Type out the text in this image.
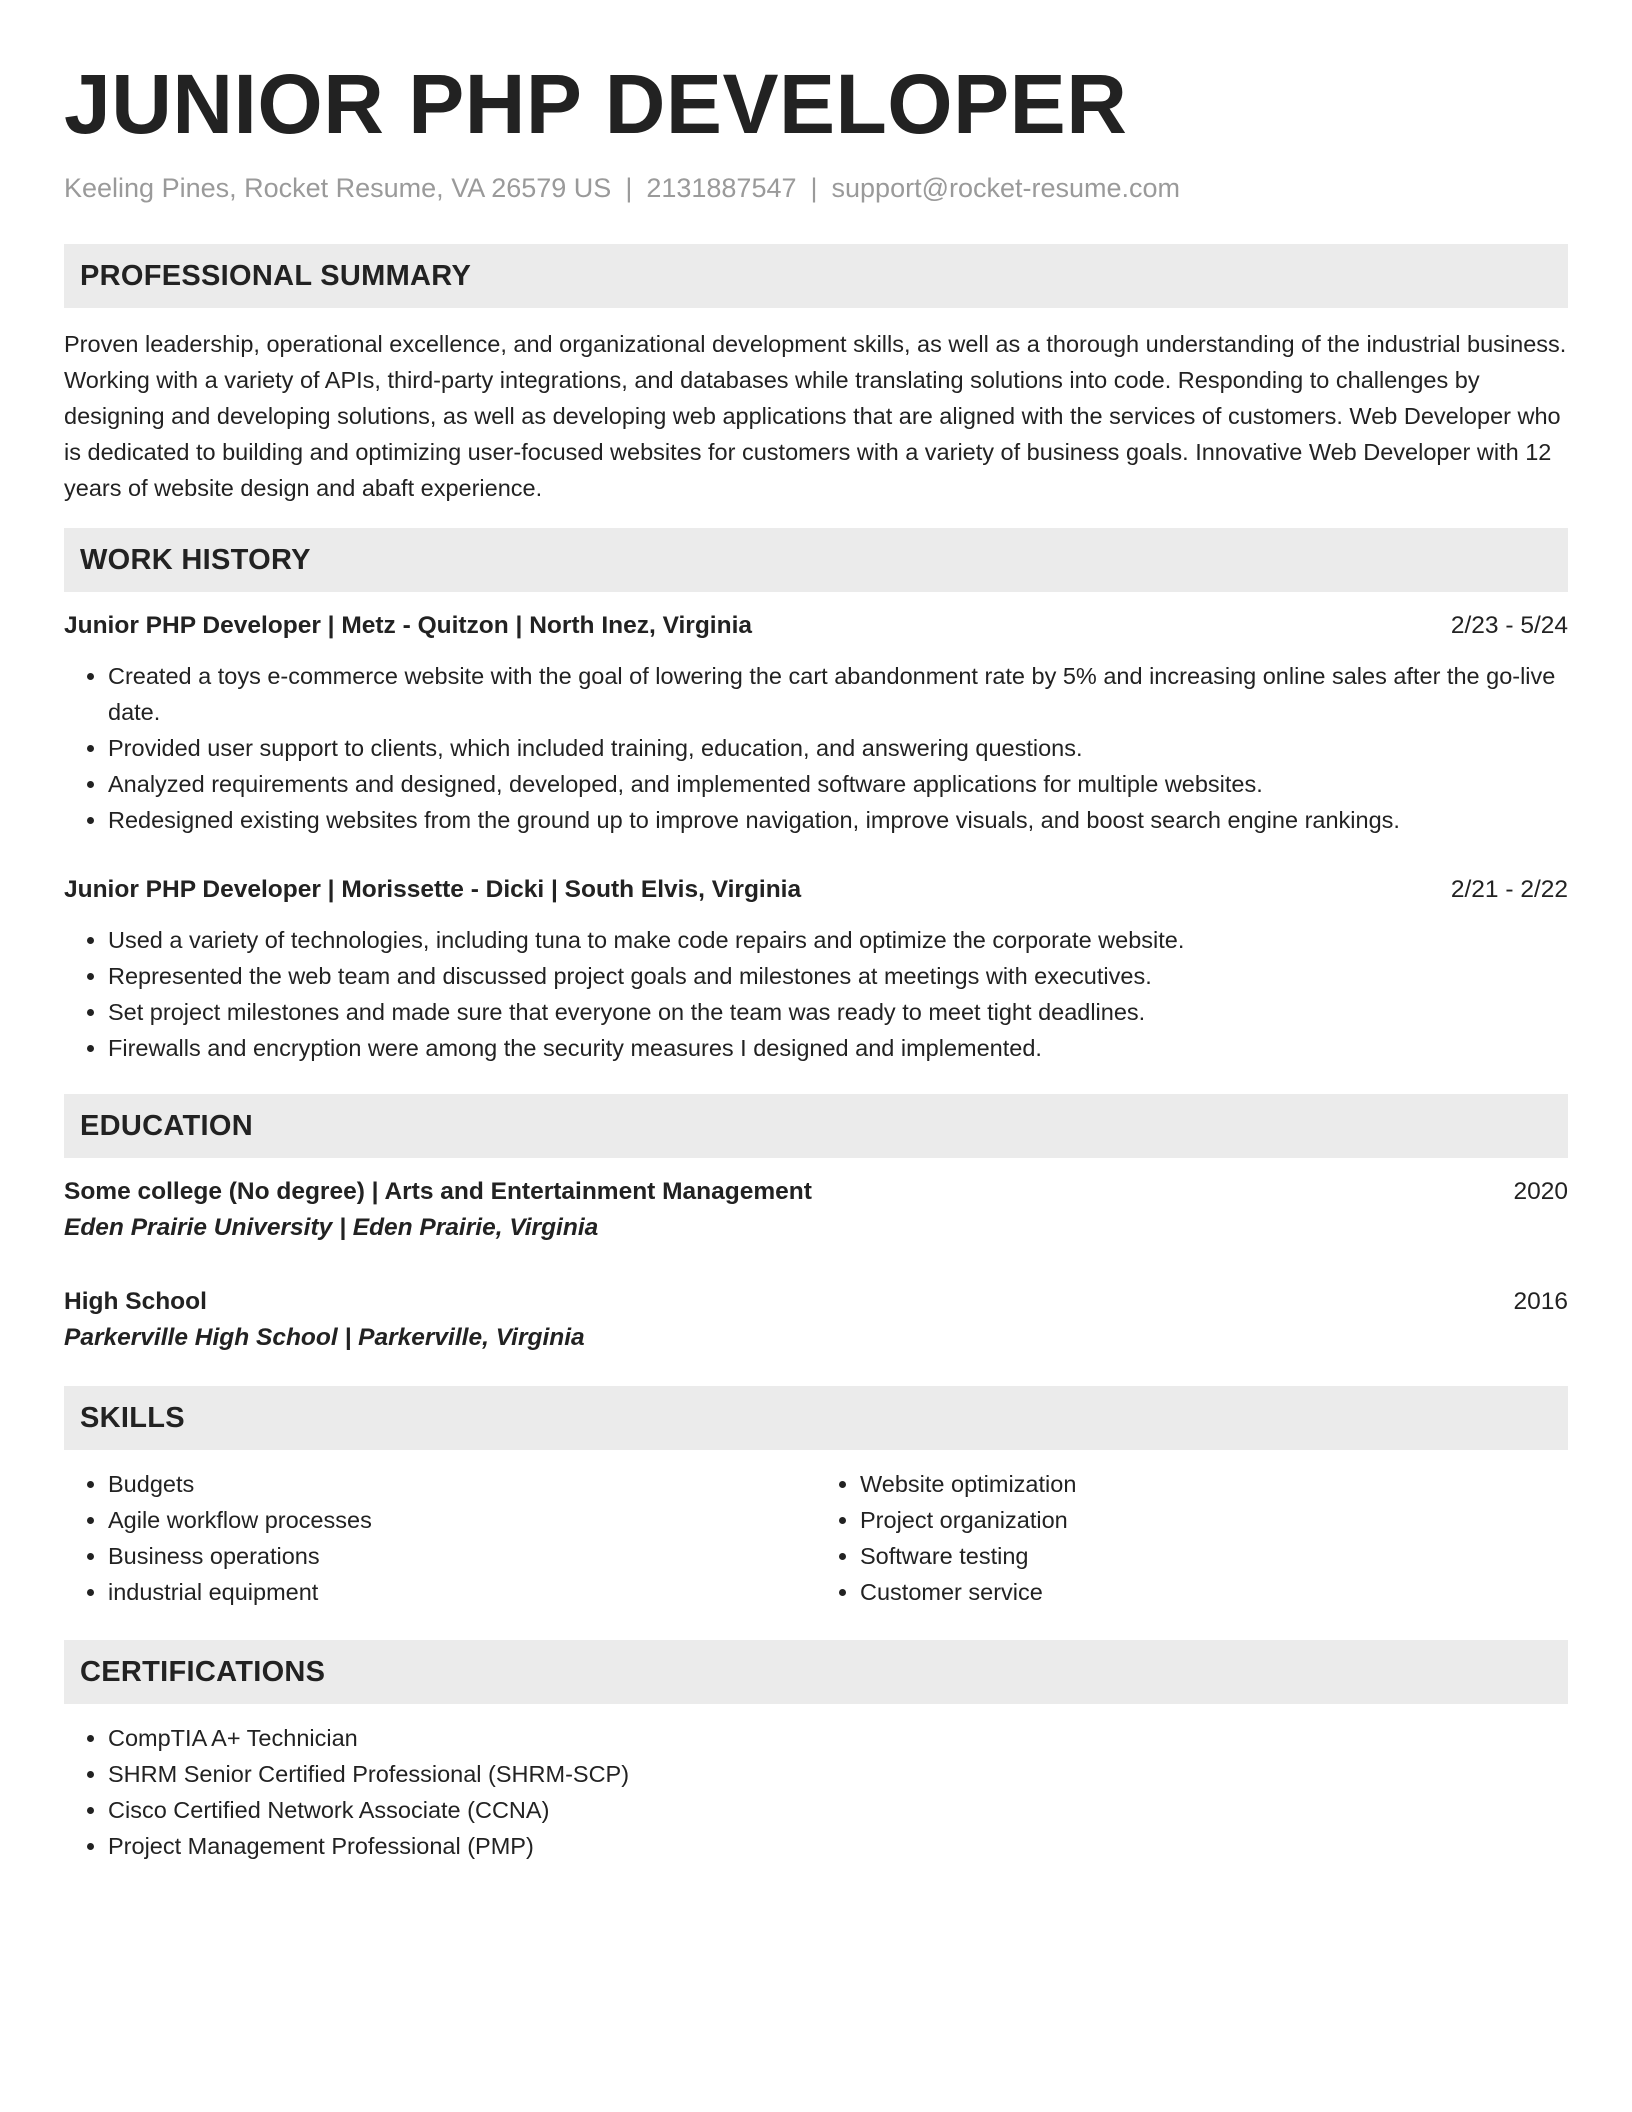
JUNIOR PHP DEVELOPER
Keeling Pines, Rocket Resume, VA 26579 US | 2131887547 | support@rocket-resume.com
PROFESSIONAL SUMMARY

Proven leadership, operational excellence, and organizational development skills, as well as a thorough understanding of the industrial business. Working with a variety of APIs, third-party integrations, and databases while translating solutions into code. Responding to challenges by designing and developing solutions, as well as developing web applications that are aligned with the services of customers. Web Developer who is dedicated to building and optimizing user-focused websites for customers with a variety of business goals. Innovative Web Developer with 12 years of website design and abaft experience.

WORK HISTORY
Junior PHP Developer | Metz - Quitzon | North Inez, Virginia	2/23 - 5/24
• Created a toys e-commerce website with the goal of lowering the cart abandonment rate by 5% and increasing online sales after the go-live date.
• Provided user support to clients, which included training, education, and answering questions.
• Analyzed requirements and designed, developed, and implemented software applications for multiple websites.
• Redesigned existing websites from the ground up to improve navigation, improve visuals, and boost search engine rankings.
Junior PHP Developer | Morissette - Dicki | South Elvis, Virginia	2/21 - 2/22
• Used a variety of technologies, including tuna to make code repairs and optimize the corporate website.
• Represented the web team and discussed project goals and milestones at meetings with executives.
• Set project milestones and made sure that everyone on the team was ready to meet tight deadlines.
• Firewalls and encryption were among the security measures I designed and implemented.
EDUCATION
Some college (No degree) | Arts and Entertainment Management	2020
Eden Prairie University | Eden Prairie, Virginia
High School	2016
Parkerville High School | Parkerville, Virginia
SKILLS
• Budgets
• Agile workflow processes
• Business operations
• industrial equipment
• Website optimization
• Project organization
• Software testing
• Customer service
CERTIFICATIONS
• CompTIA A+ Technician
• SHRM Senior Certified Professional (SHRM-SCP)
• Cisco Certified Network Associate (CCNA)
• Project Management Professional (PMP)
